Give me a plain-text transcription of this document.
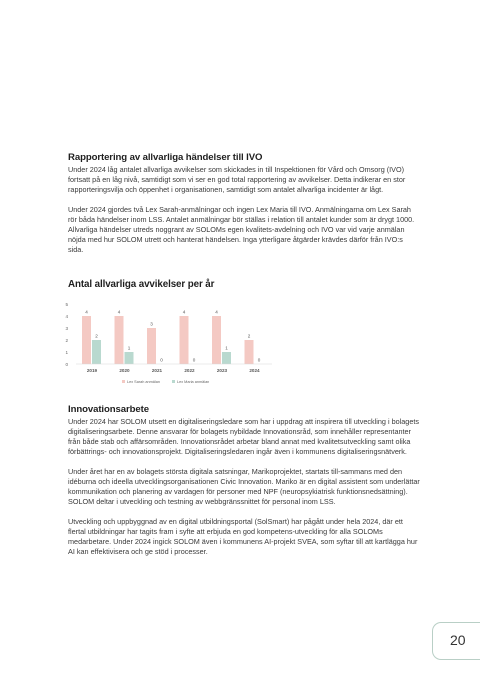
Rapportering av allvarliga händelser till IVO

Under 2024 låg antalet allvarliga avvikelser som skickades in till Inspektionen för Vård och Omsorg (IVO) fortsatt på en låg nivå, samtidigt som vi ser en god total rapportering av avvikelser. Detta indikerar en stor rapporteringsvilja och öppenhet i organisationen, samtidigt som antalet allvarliga incidenter är lågt.

Under 2024 gjordes två Lex Sarah-anmälningar och ingen Lex Maria till IVO. Anmälningarna om Lex Sarah rör båda händelser inom LSS. Antalet anmälningar bör ställas i relation till antalet kunder som är drygt 1000. Allvarliga händelser utreds noggrant av SOLOMs egen kvalitets-avdelning och IVO var vid varje anmälan nöjda med hur SOLOM utrett och hanterat händelsen. Inga ytterligare åtgärder krävdes därför från IVO:s sida.

Antal allvarliga avvikelser per år
0
1
2
3
4
5
4
2
4
1
3
0
4
0
4
1
2
0
2019	2020	2021	2022	2023	2024
Lex Sarah anmälan	Lex Maria anmälan
Innovationsarbete

Under 2024 har SOLOM utsett en digitaliseringsledare som har i uppdrag att inspirera till utveckling i bolagets digitaliseringsarbete. Denne ansvarar för bolagets nybildade Innovationsråd, som innehåller representanter från både stab och affärsområden. Innovationsrådet arbetar bland annat med kvalitetsutveckling samt olika förbättrings- och innovationsprojekt. Digitaliseringsledaren ingår även i kommunens digitaliseringsnätverk.

Under året har en av bolagets största digitala satsningar, Marikoprojektet, startats till-sammans med den idéburna och ideella utvecklingsorganisationen Civic Innovation. Mariko är en digital assistent som underlättar kommunikation och planering av vardagen för personer med NPF (neuropsykiatrisk funktionsnedsättning). SOLOM deltar i utveckling och testning av webbgränssnittet för personal inom LSS.

Utveckling och uppbyggnad av en digital utbildningsportal (SolSmart) har pågått under hela 2024, där ett flertal utbildningar har tagits fram i syfte att erbjuda en god kompetens-utveckling för alla SOLOMs medarbetare. Under 2024 ingick SOLOM även i kommunens AI-projekt SVEA, som syftar till att kartlägga hur AI kan effektivisera och ge stöd i processer.

20
